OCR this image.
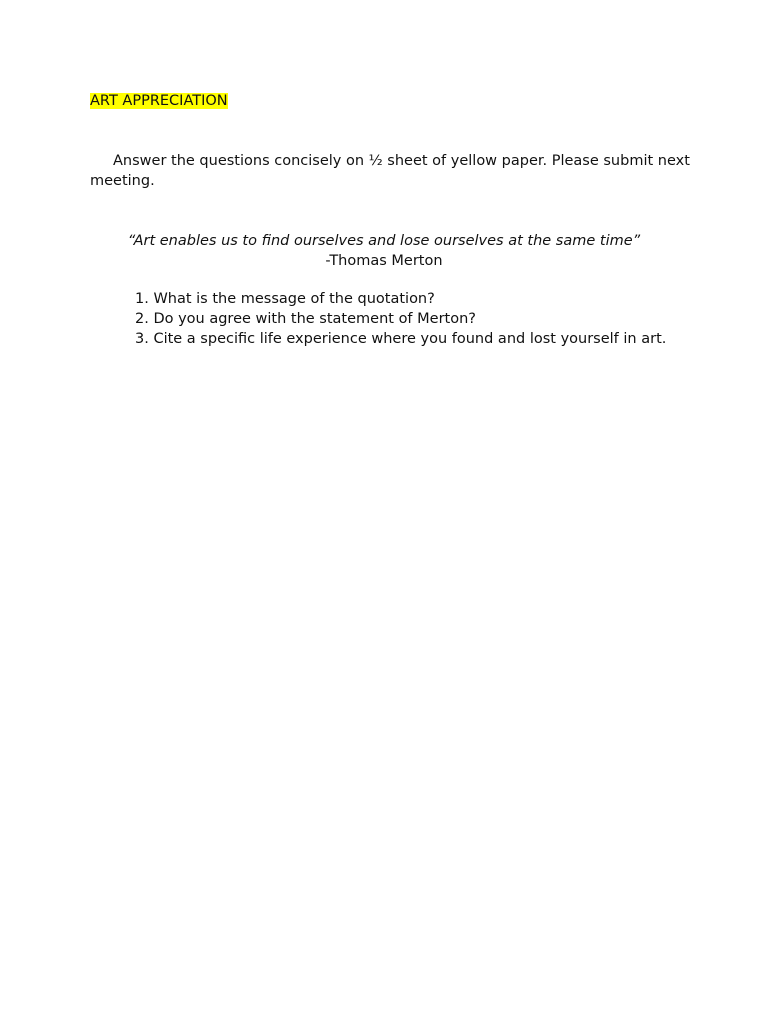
ART APPRECIATION
Answer the questions concisely on ½ sheet of yellow paper. Please submit next meeting.
“Art enables us to find ourselves and lose ourselves at the same time”
-Thomas Merton
1. What is the message of the quotation?
2. Do you agree with the statement of Merton?
3. Cite a specific life experience where you found and lost yourself in art.
